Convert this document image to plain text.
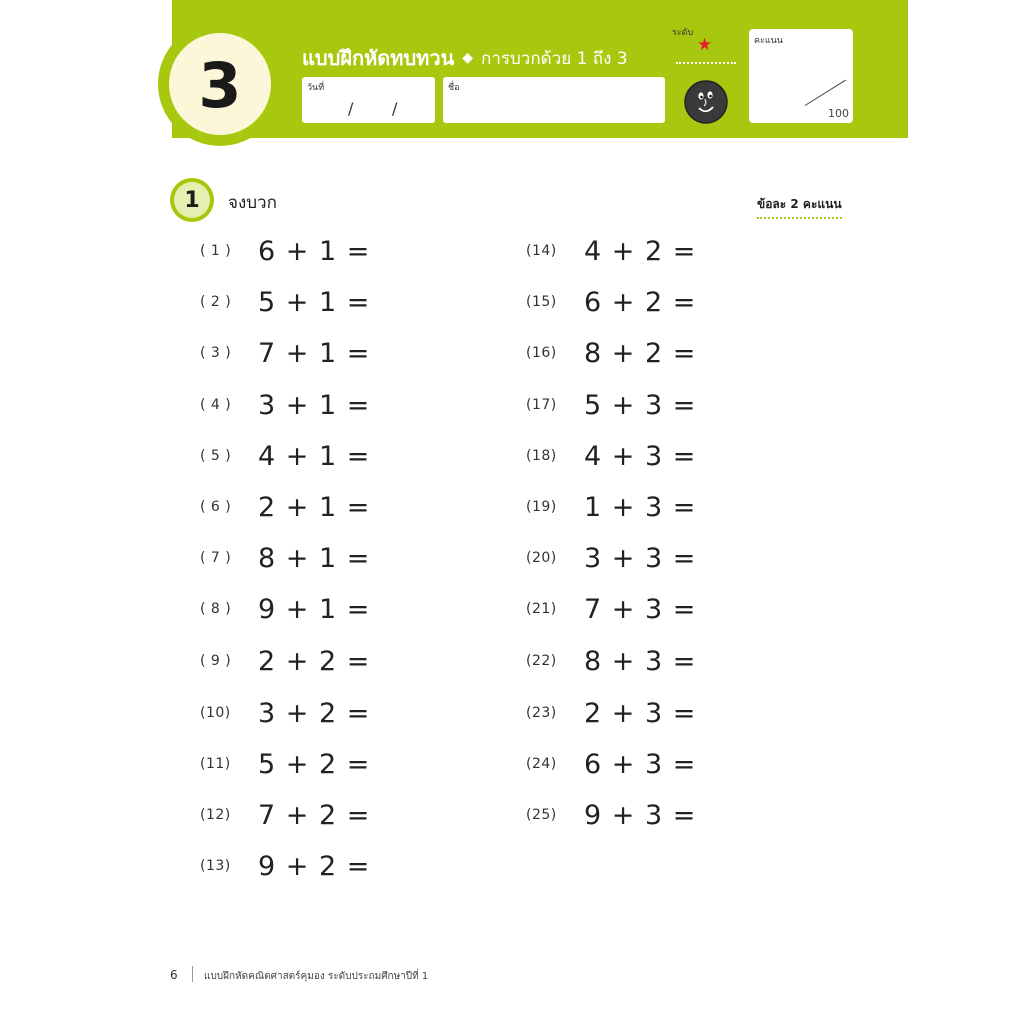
3	แบบฝึกหัดทบทวน ◆ การบวกด้วย 1 ถึง 3
วันที่
/ /
ชื่อ
ระดับ
★	คะแนน
100
1 จงบวก	ข้อละ 2 คะแนน
( 1 ) 6 + 1 =
( 2 ) 5 + 1 =
( 3 ) 7 + 1 =
( 4 ) 3 + 1 =
( 5 ) 4 + 1 =
( 6 ) 2 + 1 =
( 7 ) 8 + 1 =
( 8 ) 9 + 1 =
( 9 ) 2 + 2 =
(10)	3 + 2 =
(11)	5 + 2 =
(12)	7 + 2 =
(13)	9 + 2 =
(14)	4 + 2 =
(15)	6 + 2 =
(16)	8 + 2 =
(17)	5 + 3 =
(18)	4 + 3 =
(19)	1 + 3 =
(20)	3 + 3 =
(21)	7 + 3 =
(22)	8 + 3 =
(23)	2 + 3 =
(24)	6 + 3 =
(25)	9 + 3 =
6	แบบฝึกหัดคณิตศาสตร์คุมอง ระดับประถมศึกษาปีที่ 1
